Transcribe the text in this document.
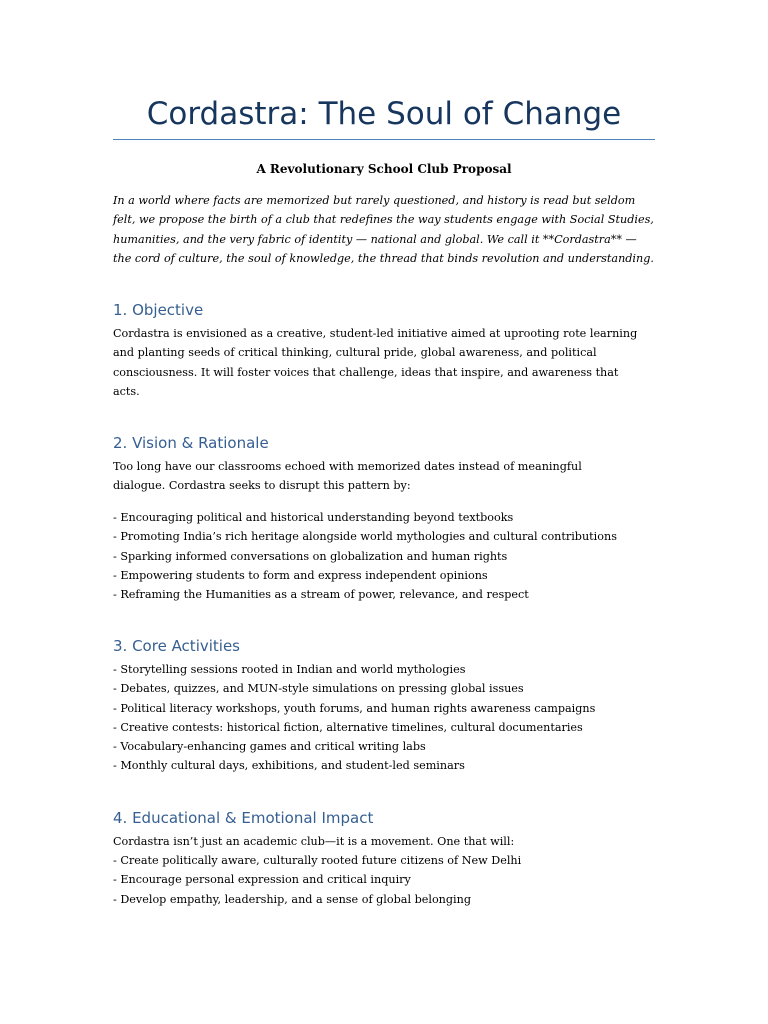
Cordastra: The Soul of Change
A Revolutionary School Club Proposal
In a world where facts are memorized but rarely questioned, and history is read but seldom
felt, we propose the birth of a club that redefines the way students engage with Social Studies,
humanities, and the very fabric of identity — national and global. We call it **Cordastra** —
the cord of culture, the soul of knowledge, the thread that binds revolution and understanding.
1. Objective
Cordastra is envisioned as a creative, student-led initiative aimed at uprooting rote learning
and planting seeds of critical thinking, cultural pride, global awareness, and political
consciousness. It will foster voices that challenge, ideas that inspire, and awareness that
acts.
2. Vision & Rationale
Too long have our classrooms echoed with memorized dates instead of meaningful
dialogue. Cordastra seeks to disrupt this pattern by:
- Encouraging political and historical understanding beyond textbooks
- Promoting India’s rich heritage alongside world mythologies and cultural contributions
- Sparking informed conversations on globalization and human rights
- Empowering students to form and express independent opinions
- Reframing the Humanities as a stream of power, relevance, and respect
3. Core Activities
- Storytelling sessions rooted in Indian and world mythologies
- Debates, quizzes, and MUN-style simulations on pressing global issues
- Political literacy workshops, youth forums, and human rights awareness campaigns
- Creative contests: historical fiction, alternative timelines, cultural documentaries
- Vocabulary-enhancing games and critical writing labs
- Monthly cultural days, exhibitions, and student-led seminars
4. Educational & Emotional Impact
Cordastra isn’t just an academic club—it is a movement. One that will:
- Create politically aware, culturally rooted future citizens of New Delhi
- Encourage personal expression and critical inquiry
- Develop empathy, leadership, and a sense of global belonging
